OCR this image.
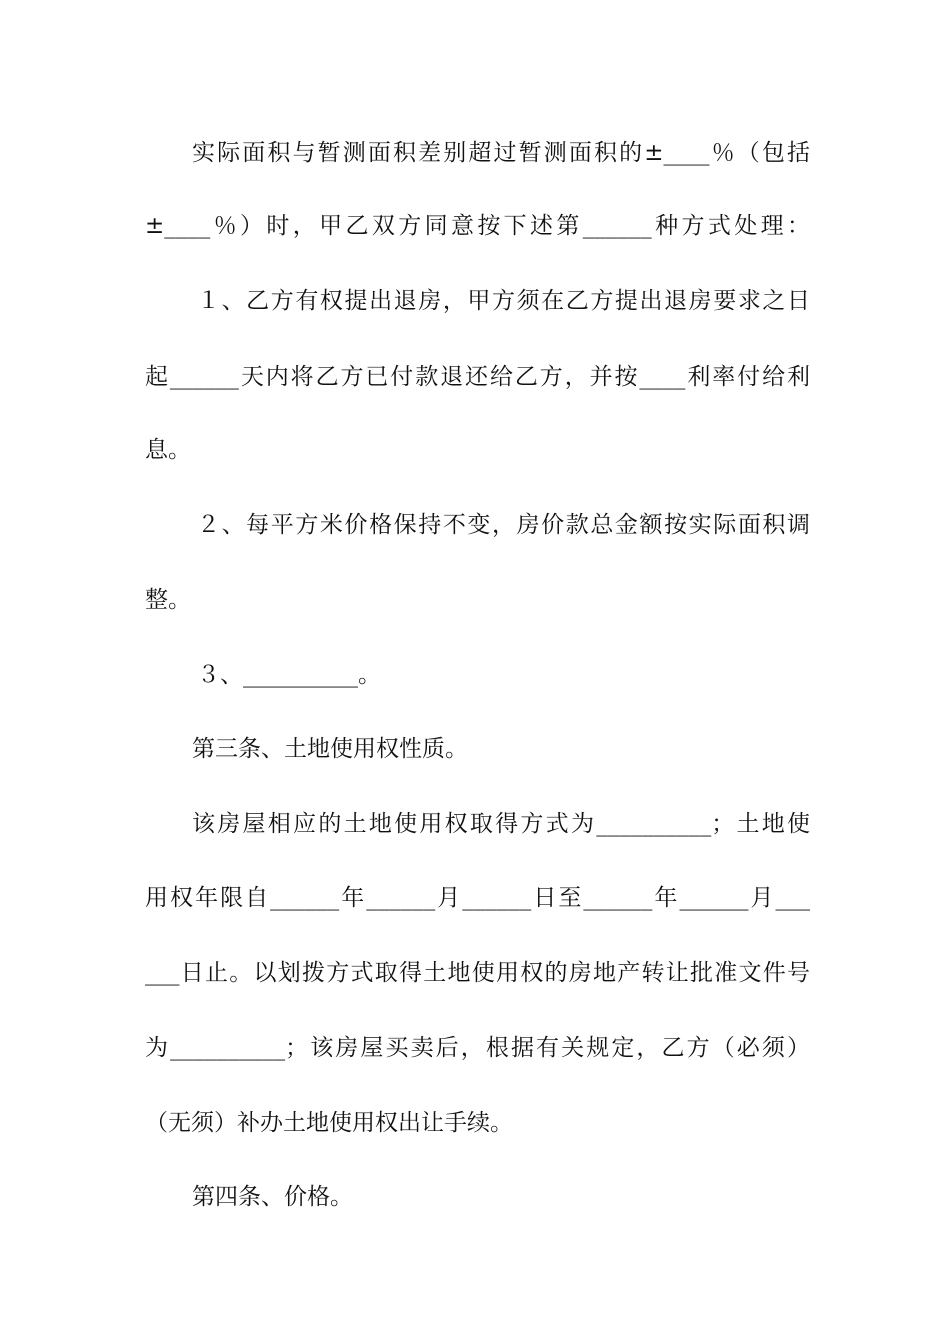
实际面积与暂测面积差别超过暂测面积的±____％（包括
±____％）时，甲乙双方同意按下述第______种方式处理：
１、乙方有权提出退房，甲方须在乙方提出退房要求之日
起______天内将乙方已付款退还给乙方，并按____利率付给利
息。
２、每平方米价格保持不变，房价款总金额按实际面积调
整。
３、__________。
第三条、土地使用权性质。
该房屋相应的土地使用权取得方式为__________；土地使
用权年限自______年______月______日至______年______月___
___日止。以划拨方式取得土地使用权的房地产转让批准文件号
为__________；该房屋买卖后，根据有关规定，乙方（必须）
（无须）补办土地使用权出让手续。
第四条、价格。
